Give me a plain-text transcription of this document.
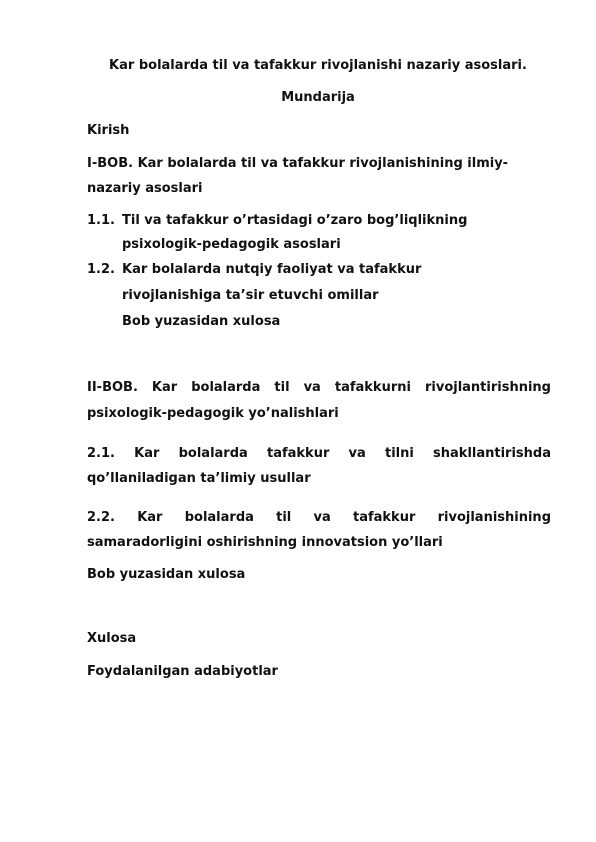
Kar bolalarda til va tafakkur rivojlanishi nazariy asoslari.
Mundarija
Kirish
I-BOB. Kar bolalarda til va tafakkur rivojlanishining ilmiy-
nazariy asoslari
1.1. Til va tafakkur o’rtasidagi o’zaro bog’liqlikning
psixologik-pedagogik asoslari
1.2. Kar bolalarda nutqiy faoliyat va tafakkur
rivojlanishiga ta’sir etuvchi omillar
Bob yuzasidan xulosa
II-BOB. Kar bolalarda til va tafakkurni rivojlantirishning
psixologik-pedagogik yo’nalishlari
2.1. Kar bolalarda tafakkur va tilni shakllantirishda
qo’llaniladigan ta’limiy usullar
2.2. Kar bolalarda til va tafakkur rivojlanishining
samaradorligini oshirishning innovatsion yo’llari
Bob yuzasidan xulosa
Xulosa
Foydalanilgan adabiyotlar
